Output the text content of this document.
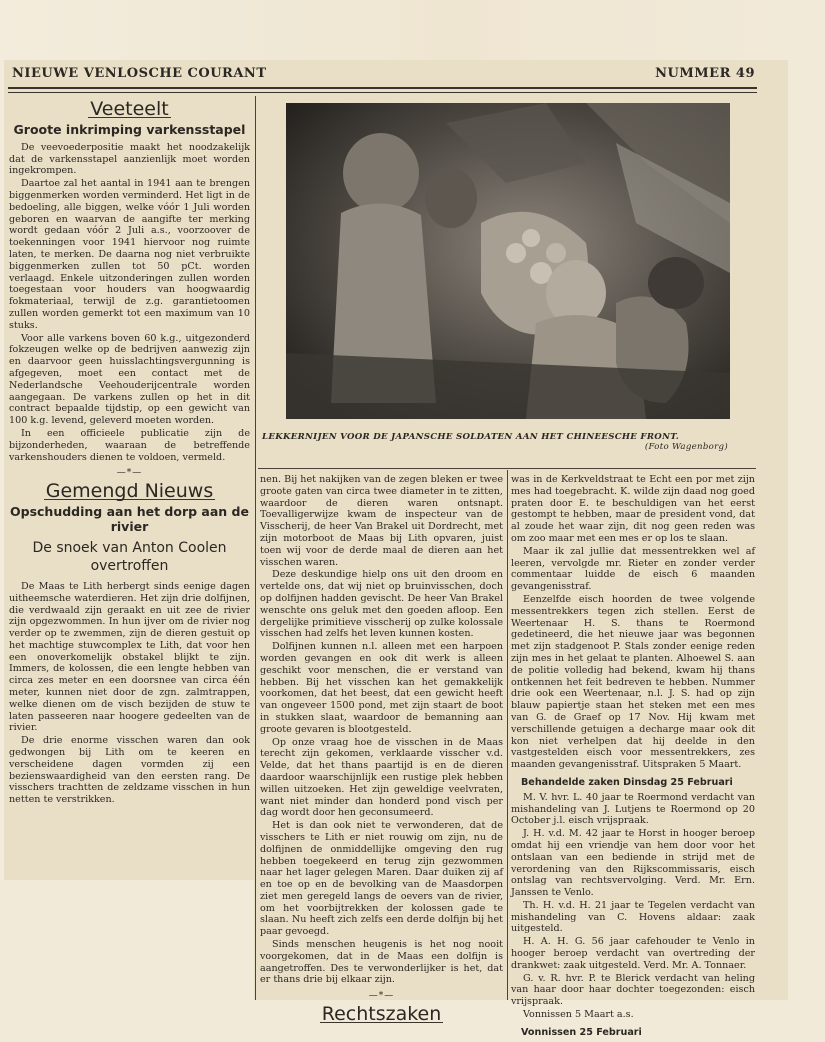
NIEUWE VENLOSCHE COURANT	NUMMER 49
Veeteelt
Groote inkrimping varkensstapel

De veevoederpositie maakt het noodzakelijk dat de varkensstapel aanzienlijk moet worden ingekrompen.

Daartoe zal het aantal in 1941 aan te brengen biggenmerken worden verminderd. Het ligt in de bedoeling, alle biggen, welke vóór 1 Juli worden geboren en waarvan de aangifte ter merking wordt gedaan vóór 2 Juli a.s., voorzoover de toekenningen voor 1941 hiervoor nog ruimte laten, te merken. De daarna nog niet verbruikte biggenmerken zullen tot 50 pCt. worden verlaagd. Enkele uitzonderingen zullen worden toegestaan voor houders van hoogwaardig fokmateriaal, terwijl de z.g. garantietoomen zullen worden gemerkt tot een maximum van 10 stuks.

Voor alle varkens boven 60 k.g., uitgezonderd fokzeugen welke op de bedrijven aanwezig zijn en daarvoor geen huisslachtingsvergunning is afgegeven, moet een contact met de Nederlandsche Veehouderijcentrale worden aangegaan. De varkens zullen op het in dit contract bepaalde tijdstip, op een gewicht van 100 k.g. levend, geleverd moeten worden.

In een officieele publicatie zijn de bijzonderheden, waaraan de betreffende varkenshouders dienen te voldoen, vermeld.

—*—
Gemengd Nieuws
Opschudding aan het dorp aan de rivier
De snoek van Anton Coolen overtroffen

De Maas te Lith herbergt sinds eenige dagen uitheemsche waterdieren. Het zijn drie dolfijnen, die verdwaald zijn geraakt en uit zee de rivier zijn opgezwommen. In hun ijver om de rivier nog verder op te zwemmen, zijn de dieren gestuit op het machtige stuwcomplex te Lith, dat voor hen een onoverkomelijk obstakel blijkt te zijn. Immers, de kolossen, die een lengte hebben van circa zes meter en een doorsnee van circa één meter, kunnen niet door de zgn. zalmtrappen, welke dienen om de visch bezijden de stuw te laten passeeren naar hoogere gedeelten van de rivier.

De drie enorme visschen waren dan ook gedwongen bij Lith om te keeren en verscheidene dagen vormden zij een bezienswaardigheid van den eersten rang. De visschers trachtten de zeldzame visschen in hun netten te verstrikken.

LEKKERNIJEN VOOR DE JAPANSCHE SOLDATEN AAN HET CHINEESCHE FRONT.
(Foto Wagenborg)

nen. Bij het nakijken van de zegen bleken er twee groote gaten van circa twee diameter in te zitten, waardoor de dieren waren ontsnapt. Toevalligerwijze kwam de inspecteur van de Visscherij, de heer Van Brakel uit Dordrecht, met zijn motorboot de Maas bij Lith opvaren, juist toen wij voor de derde maal de dieren aan het visschen waren.

Deze deskundige hielp ons uit den droom en vertelde ons, dat wij niet op bruinvisschen, doch op dolfijnen hadden gevischt. De heer Van Brakel wenschte ons geluk met den goeden afloop. Een dergelijke primitieve visscherij op zulke kolossale visschen had zelfs het leven kunnen kosten.

Dolfijnen kunnen n.l. alleen met een harpoen worden gevangen en ook dit werk is alleen geschikt voor menschen, die er verstand van hebben. Bij het visschen kan het gemakkelijk voorkomen, dat het beest, dat een gewicht heeft van ongeveer 1500 pond, met zijn staart de boot in stukken slaat, waardoor de bemanning aan groote gevaren is blootgesteld.

Op onze vraag hoe de visschen in de Maas terecht zijn gekomen, verklaarde visscher v.d. Velde, dat het thans paartijd is en de dieren daardoor waarschijnlijk een rustige plek hebben willen uitzoeken. Het zijn geweldige veelvraten, want niet minder dan honderd pond visch per dag wordt door hen geconsumeerd.

Het is dan ook niet te verwonderen, dat de visschers te Lith er niet rouwig om zijn, nu de dolfijnen de onmiddellijke omgeving den rug hebben toegekeerd en terug zijn gezwommen naar het lager gelegen Maren. Daar duiken zij af en toe op en de bevolking van de Maasdorpen ziet men geregeld langs de oevers van de rivier, om het voorbijtrekken der kolossen gade te slaan. Nu heeft zich zelfs een derde dolfijn bij het paar gevoegd.

Sinds menschen heugenis is het nog nooit voorgekomen, dat in de Maas een dolfijn is aangetroffen. Des te verwonderlijker is het, dat er thans drie bij elkaar zijn.

—*—
Rechtszaken

was in de Kerkveldstraat te Echt een por met zijn mes had toegebracht. K. wilde zijn daad nog goed praten door E. te beschuldigen van het eerst gestompt te hebben, maar de president vond, dat al zoude het waar zijn, dit nog geen reden was om zoo maar met een mes er op los te slaan.

Maar ik zal jullie dat messentrekken wel af leeren, vervolgde mr. Rieter en zonder verder commentaar luidde de eisch 6 maanden gevangenisstraf.

Eenzelfde eisch hoorden de twee volgende messentrekkers tegen zich stellen. Eerst de Weertenaar H. S. thans te Roermond gedetineerd, die het nieuwe jaar was begonnen met zijn stadgenoot P. Stals zonder eenige reden zijn mes in het gelaat te planten. Alhoewel S. aan de politie volledig had bekend, kwam hij thans ontkennen het feit bedreven te hebben. Nummer drie ook een Weertenaar, n.l. J. S. had op zijn blauw papiertje staan het steken met een mes van G. de Graef op 17 Nov. Hij kwam met verschillende getuigen a decharge maar ook dit kon niet verhelpen dat hij deelde in den vastgestelden eisch voor messentrekkers, zes maanden gevangenisstraf. Uitspraken 5 Maart.

Behandelde zaken Dinsdag 25 Februari

M. V. hvr. L. 40 jaar te Roermond verdacht van mishandeling van J. Lutjens te Roermond op 20 October j.l. eisch vrijspraak.

J. H. v.d. M. 42 jaar te Horst in hooger beroep omdat hij een vriendje van hem door voor het ontslaan van een bediende in strijd met de verordening van den Rijkscommissaris, eisch ontslag van rechtsvervolging. Verd. Mr. Ern. Janssen te Venlo.

Th. H. v.d. H. 21 jaar te Tegelen verdacht van mishandeling van C. Hovens aldaar: zaak uitgesteld.

H. A. H. G. 56 jaar cafehouder te Venlo in hooger beroep verdacht van overtreding der drankwet: zaak uitgesteld. Verd. Mr. A. Tonnaer.

G. v. R. hvr. P. te Blerick verdacht van heling van haar door haar dochter toegezonden: eisch vrijspraak.

Vonnissen 5 Maart a.s.

Vonnissen 25 Februari
